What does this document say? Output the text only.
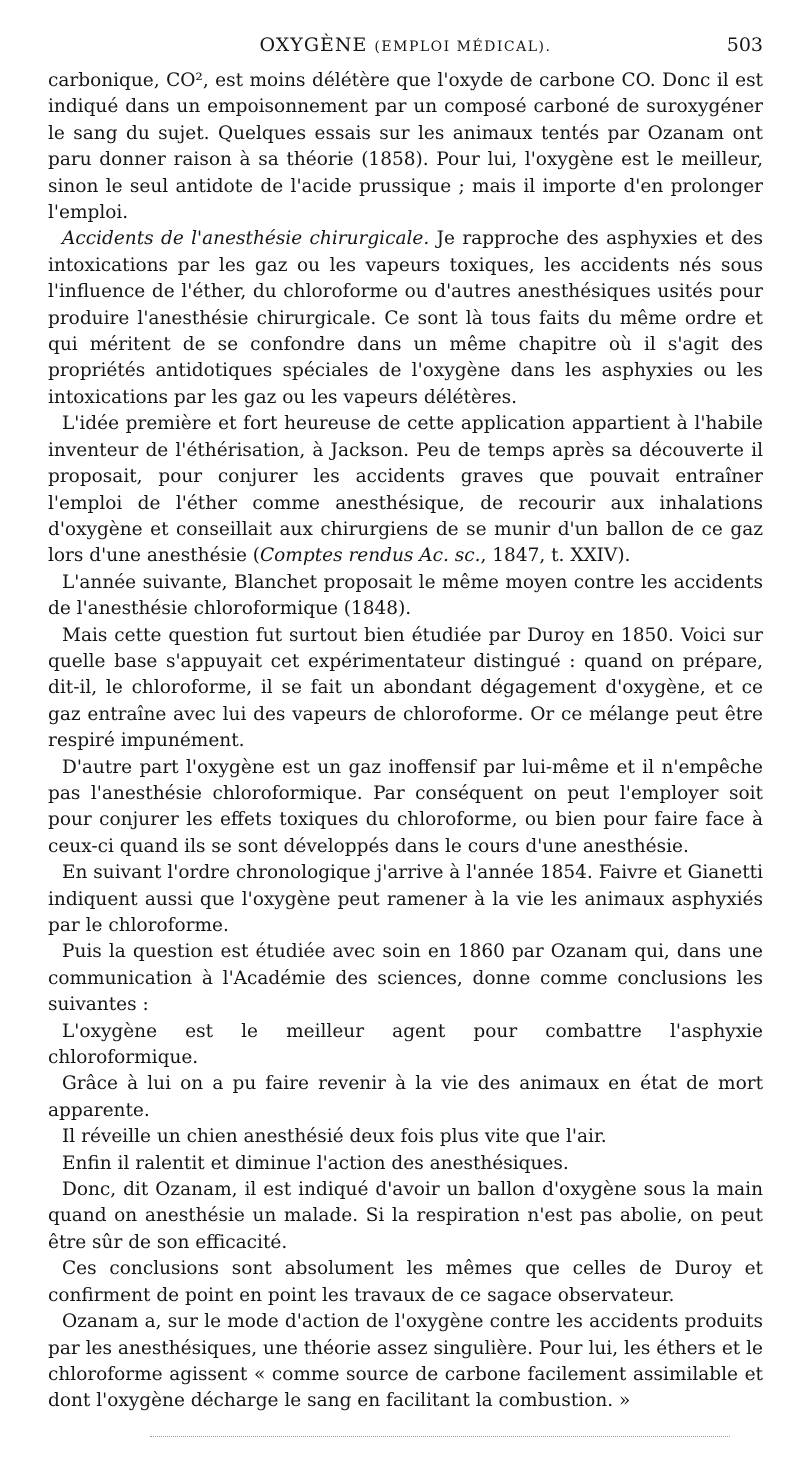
OXYGÈNE (EMPLOI MÉDICAL).	503

carbonique, CO², est moins délétère que l'oxyde de carbone CO. Donc il est indiqué dans un empoisonnement par un composé carboné de suroxygéner le sang du sujet. Quelques essais sur les animaux tentés par Ozanam ont paru donner raison à sa théorie (1858). Pour lui, l'oxygène est le meilleur, sinon le seul antidote de l'acide prussique ; mais il importe d'en prolonger l'emploi.

Accidents de l'anesthésie chirurgicale. Je rapproche des asphyxies et des intoxications par les gaz ou les vapeurs toxiques, les accidents nés sous l'influence de l'éther, du chloroforme ou d'autres anesthésiques usités pour produire l'anesthésie chirurgicale. Ce sont là tous faits du même ordre et qui méritent de se confondre dans un même chapitre où il s'agit des propriétés antidotiques spéciales de l'oxygène dans les asphyxies ou les intoxications par les gaz ou les vapeurs délétères.

L'idée première et fort heureuse de cette application appartient à l'habile inventeur de l'éthérisation, à Jackson. Peu de temps après sa découverte il proposait, pour conjurer les accidents graves que pouvait entraîner l'emploi de l'éther comme anesthésique, de recourir aux inhalations d'oxygène et conseillait aux chirurgiens de se munir d'un ballon de ce gaz lors d'une anesthésie (Comptes rendus Ac. sc., 1847, t. XXIV).

L'année suivante, Blanchet proposait le même moyen contre les accidents de l'anesthésie chloroformique (1848).

Mais cette question fut surtout bien étudiée par Duroy en 1850. Voici sur quelle base s'appuyait cet expérimentateur distingué : quand on prépare, dit-il, le chloroforme, il se fait un abondant dégagement d'oxygène, et ce gaz entraîne avec lui des vapeurs de chloroforme. Or ce mélange peut être respiré impunément.

D'autre part l'oxygène est un gaz inoffensif par lui-même et il n'empêche pas l'anesthésie chloroformique. Par conséquent on peut l'employer soit pour conjurer les effets toxiques du chloroforme, ou bien pour faire face à ceux-ci quand ils se sont développés dans le cours d'une anesthésie.

En suivant l'ordre chronologique j'arrive à l'année 1854. Faivre et Gianetti indiquent aussi que l'oxygène peut ramener à la vie les animaux asphyxiés par le chloroforme.

Puis la question est étudiée avec soin en 1860 par Ozanam qui, dans une communication à l'Académie des sciences, donne comme conclusions les suivantes :

L'oxygène est le meilleur agent pour combattre l'asphyxie chloroformique.

Grâce à lui on a pu faire revenir à la vie des animaux en état de mort apparente.

Il réveille un chien anesthésié deux fois plus vite que l'air.

Enfin il ralentit et diminue l'action des anesthésiques.

Donc, dit Ozanam, il est indiqué d'avoir un ballon d'oxygène sous la main quand on anesthésie un malade. Si la respiration n'est pas abolie, on peut être sûr de son efficacité.

Ces conclusions sont absolument les mêmes que celles de Duroy et confirment de point en point les travaux de ce sagace observateur.

Ozanam a, sur le mode d'action de l'oxygène contre les accidents produits par les anesthésiques, une théorie assez singulière. Pour lui, les éthers et le chloroforme agissent « comme source de carbone facilement assimilable et dont l'oxygène décharge le sang en facilitant la combustion. »
